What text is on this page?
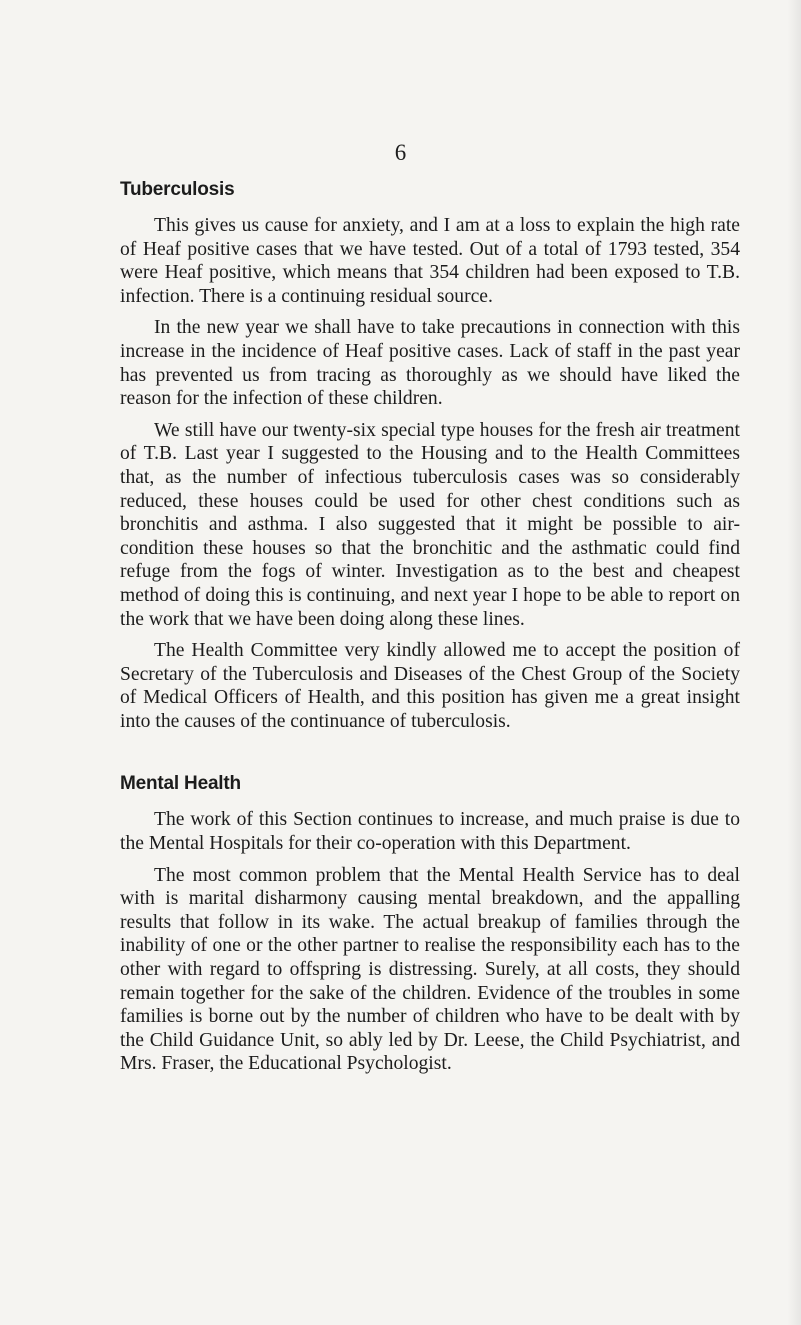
6
Tuberculosis

This gives us cause for anxiety, and I am at a loss to explain the high rate of Heaf positive cases that we have tested. Out of a total of 1793 tested, 354 were Heaf positive, which means that 354 children had been exposed to T.B. infection. There is a continuing residual source.

In the new year we shall have to take precautions in connection with this increase in the incidence of Heaf positive cases. Lack of staff in the past year has prevented us from tracing as thoroughly as we should have liked the reason for the infection of these children.

We still have our twenty-six special type houses for the fresh air treatment of T.B. Last year I suggested to the Housing and to the Health Committees that, as the number of infectious tuberculosis cases was so considerably reduced, these houses could be used for other chest conditions such as bronchitis and asthma. I also suggested that it might be possible to air-condition these houses so that the bronchitic and the asthmatic could find refuge from the fogs of winter. Investigation as to the best and cheapest method of doing this is continuing, and next year I hope to be able to report on the work that we have been doing along these lines.

The Health Committee very kindly allowed me to accept the position of Secretary of the Tuberculosis and Diseases of the Chest Group of the Society of Medical Officers of Health, and this position has given me a great insight into the causes of the continuance of tuberculosis.

Mental Health

The work of this Section continues to increase, and much praise is due to the Mental Hospitals for their co-operation with this Department.

The most common problem that the Mental Health Service has to deal with is marital disharmony causing mental breakdown, and the appalling results that follow in its wake. The actual breakup of families through the inability of one or the other partner to realise the responsibility each has to the other with regard to offspring is distressing. Surely, at all costs, they should remain together for the sake of the children. Evidence of the troubles in some families is borne out by the number of children who have to be dealt with by the Child Guidance Unit, so ably led by Dr. Leese, the Child Psychiatrist, and Mrs. Fraser, the Educational Psychologist.
